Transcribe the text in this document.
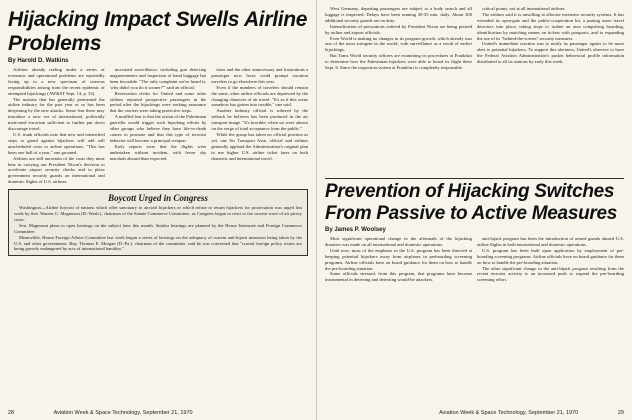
Hijacking Impact Swells Airline Problems
By Harold D. Watkins

Airlines already reeling under a series of economic and operational problems are reportedly facing up to a new spectrum of onerous responsibilities arising from the recent epidemic of attempted hijackings (AW&ST Sept. 14, p. 33).

The malaise that has generally permeated the airline industry for the past year or so has been deepening by the new attacks. Some fear these may introduce a new era of international, politically motivated terrorism sufficient to further put down discourage travel.

U.S. trunk officials note that new and intensified steps to guard against hijackers will add still unscheduled costs to airline operations. "This has been one hell of a year," one groaned.

Airlines are still uncertain of the costs they must bear in carrying out President Nixon's decision to accelerate airport security checks and to place government security guards on international and domestic flights of U.S. airlines.

increased surveillance, including gun detecting magnetometers and inspection of hand baggage has been favorable. "The only complaint we've heard is, 'why didn't you do it sooner?'" said an official.

Reservation clerks for United and some other airlines reported prospective passengers in the period after the hijackings were seeking assurance that the carriers were taking protective steps.

A muffled fear is that the action of the Palestinian guerrilla would trigger such hijacking efforts by other groups who believe they have life-or-death causes to promote and that this type of terrorist behavior will become a principal weapon.

Early reports were that the flights were undertaken without incident, with fewer sky marshals aboard than expected.

tions and the other unnecessary and frustrations a passenger now faces could prompt vacation travelers to go elsewhere this year.

Even if the numbers of travelers should remain the same, other airline officials are depressed by the changing character of air travel. "It's as if this scene somehow has gotten into trouble," one said.

Another industry official is sobered by the setback he believes has been produced in the air transport image. "It's horrible; when we were almost on the verge of total acceptance from the public."

While the group has taken no official position as yet, one Air Transport Assn. official said airlines generally applaud the Administration's original plan to use higher U.S. airline ticket fares on both domestic and international travel.

Boycott Urged in Congress

Washington—Airline boycott of nations which offer sanctuary to aircraft hijackers or which refuse to return hijackers for prosecution was urged last week by Sen. Warren G. Magnuson (D.-Wash.), chairman of the Senate Commerce Committee, as Congress began to react to the current wave of air piracy cases.

Sen. Magnuson plans to open hearings on the subject later this month. Similar hearings are planned by the House Interstate and Foreign Commerce Committee.

Meanwhile, House Foreign Affairs Committee last week began a series of hearings on the adequacy of current anti-hijack measures being taken by the U.S. and other governments. Rep. Thomas E. Morgan (D.-Pa.), chairman of the committee, said he was concerned that "crucial foreign policy issues are being gravely endangered by acts of international banditry."

28	Aviation Week & Space Technology, September 21, 1970

West Germany, departing passengers are subject to a body search and all luggage is inspected. Delays have been running 30-35 min. daily. About 300 additional security guards are on duty.

Intensification of precautions ordered by President Nixon are being praised by airline and airport officials.

Even World is making no changes in its program growth, which already was one of the most stringent in the world, with surveillance as a result of earlier hijackings.

But Trans World security officers are examining its procedures at Frankfurt to determine how the Palestinian hijackers were able to board its flight there Sept. 6. Since the inspection system at Frankfurt is completely responsible.

critical points, not at all international airlines.

The airlines said it is unwilling to allocate extensive security systems. It has extended its open-gate and the public-cooperation kit, a putting more travel detectors into place, taking steps to isolate an area comprising boarding, identification by matching names on tickets with passports, and to expanding the use of its "behind-the-scenes" security measures.

United's immediate reaction was to notify its passenger agents to be more alert to potential hijackers. To support this alertness, United's observer to have the Federal Aviation Administration's packet behavioral profile information distributed to all its stations by early this week.

Prevention of Hijacking Switches From Passive to Active Measures
By James P. Woolsey

Most significant operational change in the aftermath of the hijacking disasters was made on all international and domestic operations.

Until now, most of the emphasis in the U.S. program has been directed at keeping potential hijackers away from airplanes in preboarding screening programs. Airline officials have on board guidance for them on how to handle the pre-boarding situation.

Some officials stressed, from this program, that programs have become instrumental in deterring and detecting would-be attackers.

anti-hijack program has been the introduction of armed guards aboard U.S. airline flights in both international and domestic operations.

U.S. program has been built upon application by employment of pre-boarding screening programs. Airline officials have on board guidance for them on how to handle the pre-boarding situation.

The other significant change in the anti-hijack program resulting from the recent terrorist activity is an increased push to expand the pre-boarding screening effort.

Aviation Week & Space Technology, September 21, 1970	29
